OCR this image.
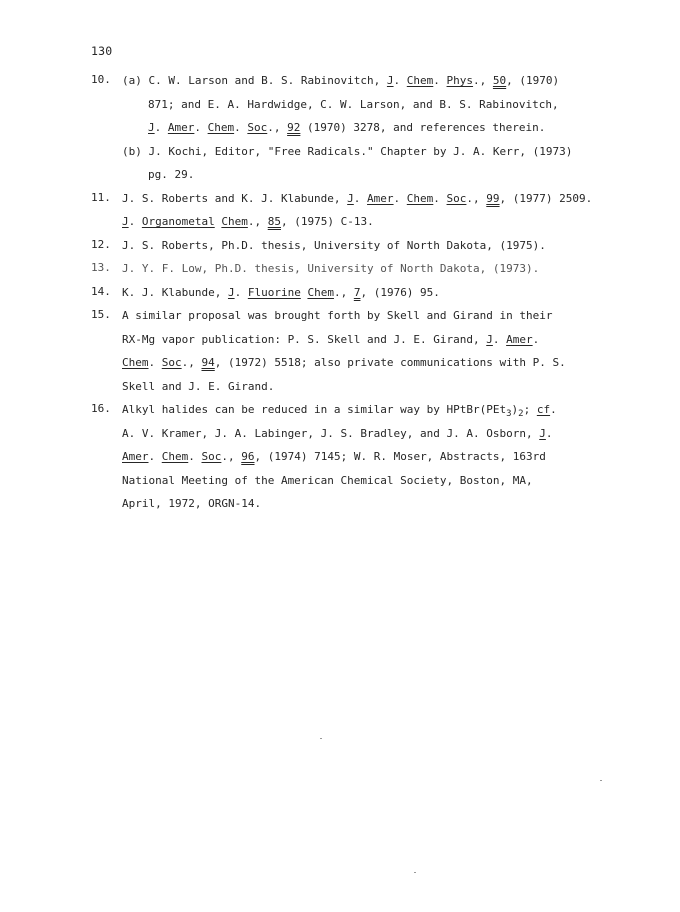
130
10.	(a) C. W. Larson and B. S. Rabinovitch, J. Chem. Phys., 50, (1970)
871; and E. A. Hardwidge, C. W. Larson, and B. S. Rabinovitch,
J. Amer. Chem. Soc., 92 (1970) 3278, and references therein.
(b) J. Kochi, Editor, "Free Radicals." Chapter by J. A. Kerr, (1973)
pg. 29.
11.	J. S. Roberts and K. J. Klabunde, J. Amer. Chem. Soc., 99, (1977) 2509.
J. Organometal Chem., 85, (1975) C-13.
12.	J. S. Roberts, Ph.D. thesis, University of North Dakota, (1975).
13.	J. Y. F. Low, Ph.D. thesis, University of North Dakota, (1973).
14.	K. J. Klabunde, J. Fluorine Chem., 7, (1976) 95.
15.	A similar proposal was brought forth by Skell and Girand in their
RX-Mg vapor publication: P. S. Skell and J. E. Girand, J. Amer.
Chem. Soc., 94, (1972) 5518; also private communications with P. S.
Skell and J. E. Girand.
16.	Alkyl halides can be reduced in a similar way by $HPtBr(PEt_3)_2$; cf.
A. V. Kramer, J. A. Labinger, J. S. Bradley, and J. A. Osborn, J.
Amer. Chem. Soc., 96, (1974) 7145; W. R. Moser, Abstracts, 163rd
National Meeting of the American Chemical Society, Boston, MA,
April, 1972, ORGN-14.
